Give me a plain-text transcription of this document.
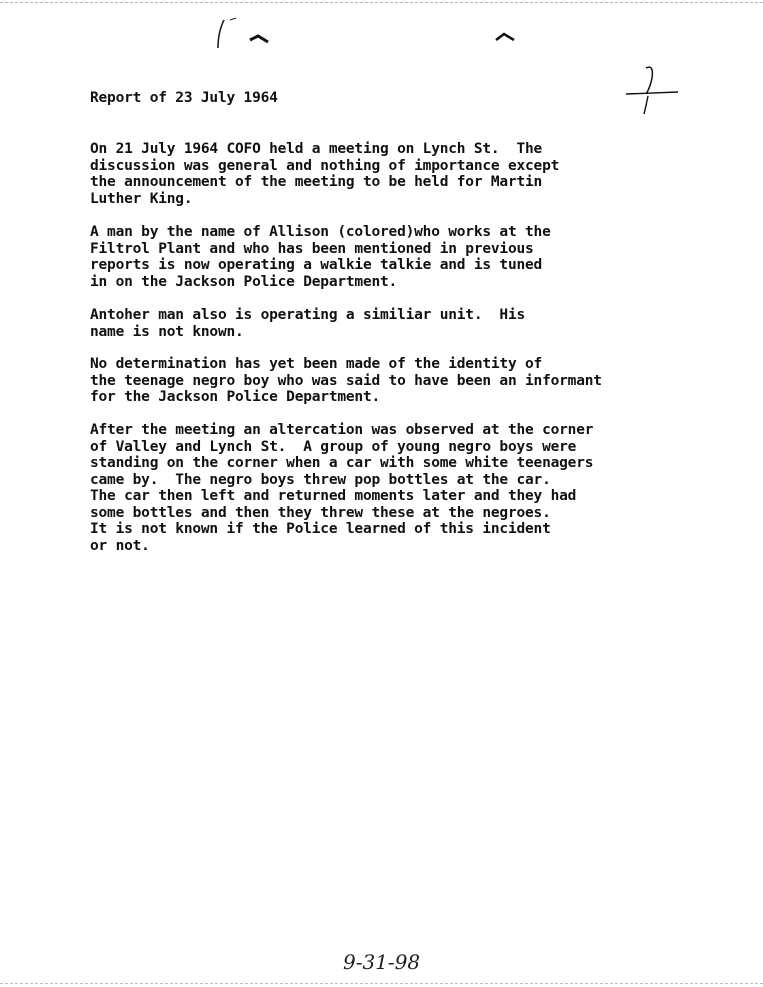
Report of 23 July 1964
On 21 July 1964 COFO held a meeting on Lynch St.  The
discussion was general and nothing of importance except
the announcement of the meeting to be held for Martin
Luther King.
A man by the name of Allison (colored)who works at the
Filtrol Plant and who has been mentioned in previous
reports is now operating a walkie talkie and is tuned
in on the Jackson Police Department.
Antoher man also is operating a similiar unit.  His
name is not known.
No determination has yet been made of the identity of
the teenage negro boy who was said to have been an informant
for the Jackson Police Department.
After the meeting an altercation was observed at the corner
of Valley and Lynch St.  A group of young negro boys were
standing on the corner when a car with some white teenagers
came by.  The negro boys threw pop bottles at the car.
The car then left and returned moments later and they had
some bottles and then they threw these at the negroes.
It is not known if the Police learned of this incident
or not.
9-31-98
